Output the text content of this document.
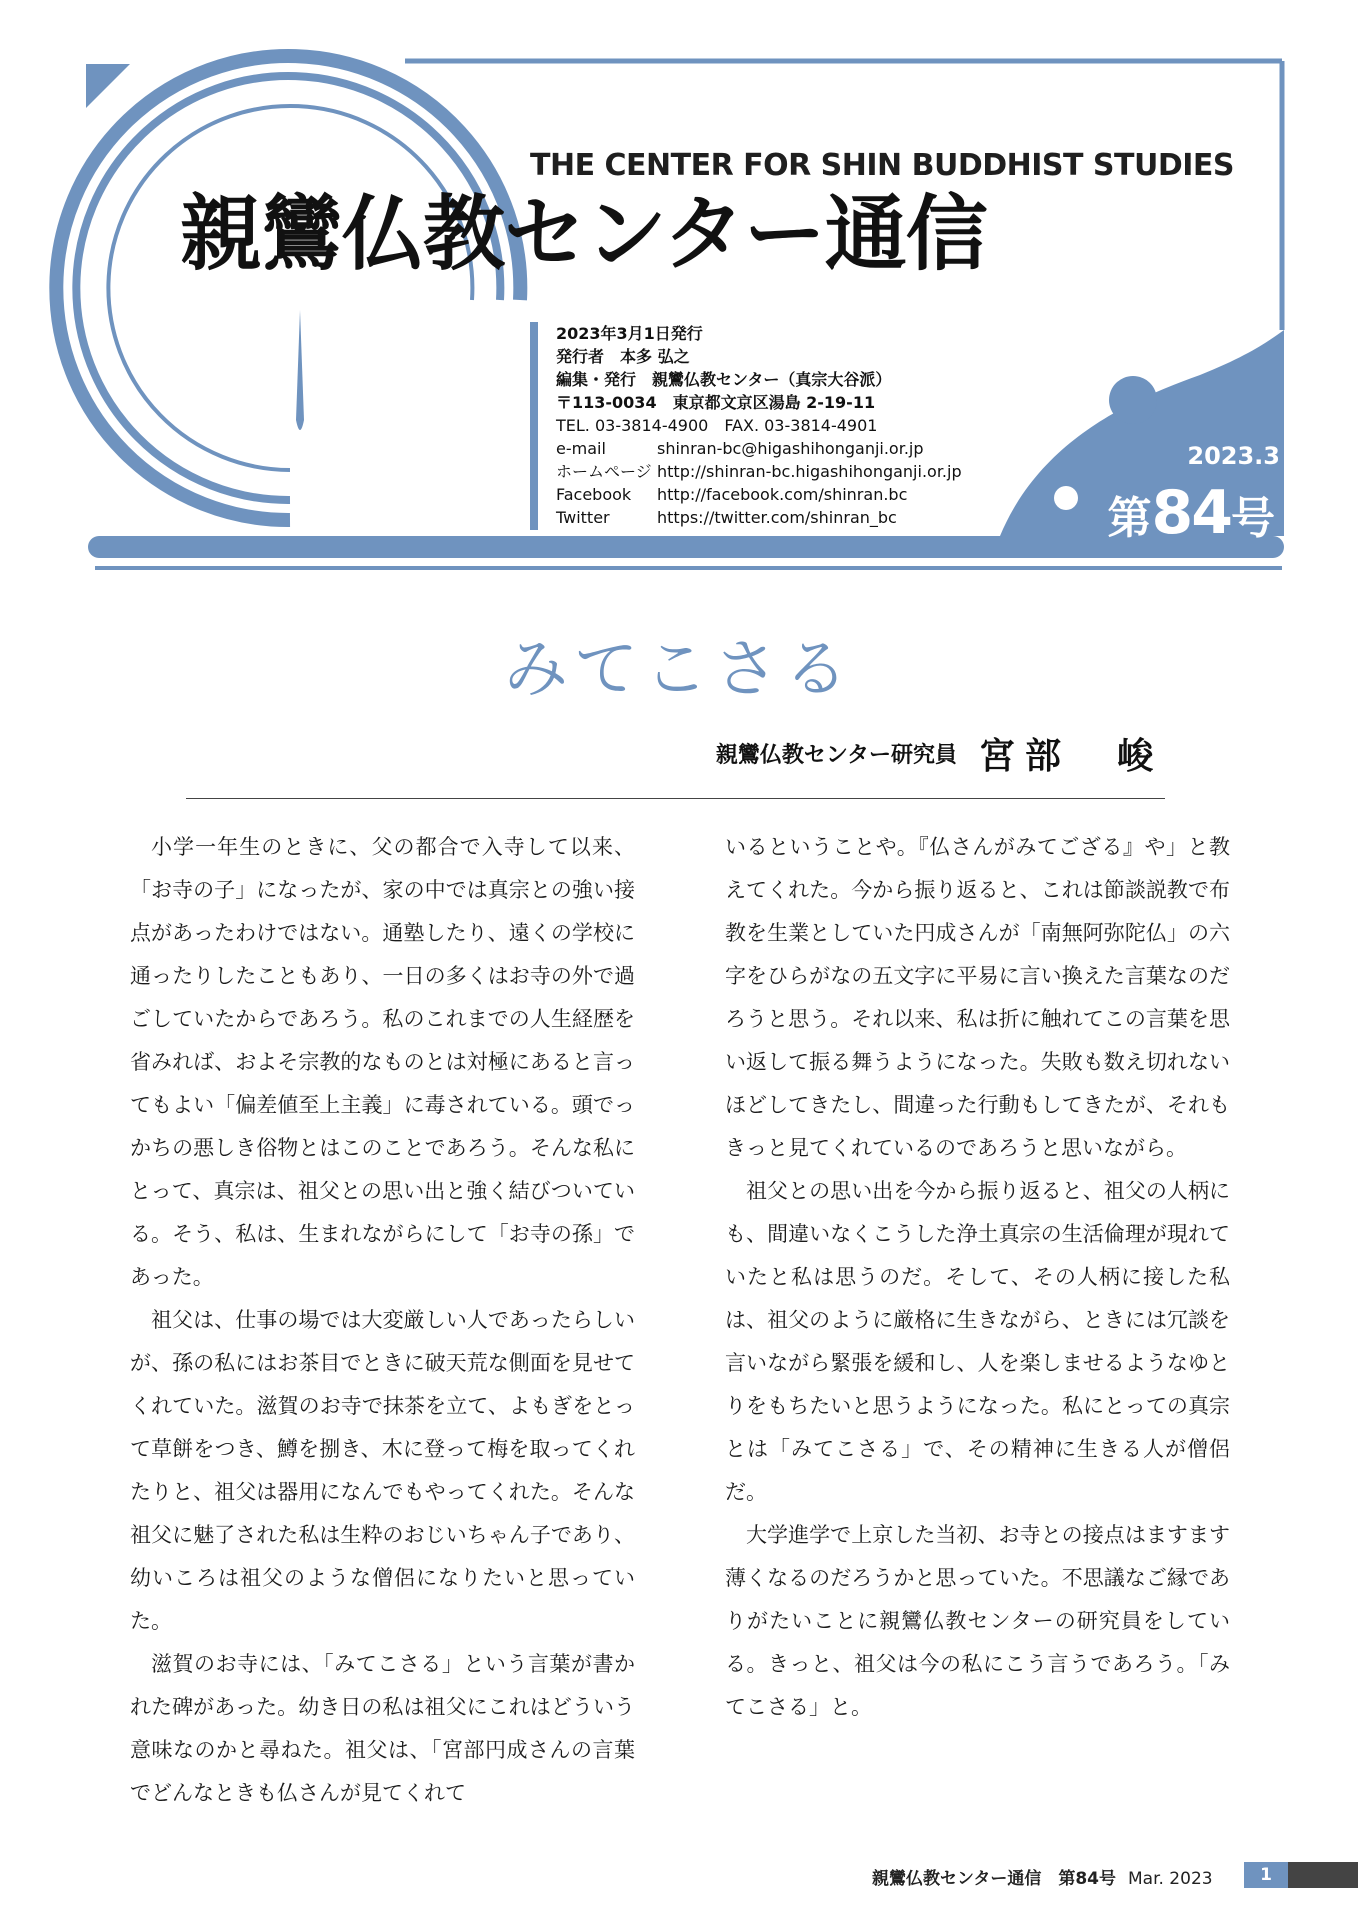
THE CENTER FOR SHIN BUDDHIST STUDIES
親鸞仏教センター通信
2023年3月1日発行
発行者　本多 弘之
編集・発行　親鸞仏教センター（真宗大谷派）
〒113-0034　東京都文京区湯島 2-19-11
TEL. 03-3814-4900　FAX. 03-3814-4901
e-mail	shinran-bc@higashihonganji.or.jp
ホームページ http://shinran-bc.higashihonganji.or.jp
Facebook http://facebook.com/shinran.bc
Twitter	https://twitter.com/shinran_bc
2023.3
第84号
みてこさる
親鸞仏教センター研究員 宮部　峻

小学一年生のときに、父の都合で入寺して以来、「お寺の子」になったが、家の中では真宗との強い接点があったわけではない。通塾したり、遠くの学校に通ったりしたこともあり、一日の多くはお寺の外で過ごしていたからであろう。私のこれまでの人生経歴を省みれば、およそ宗教的なものとは対極にあると言ってもよい「偏差値至上主義」に毒されている。頭でっかちの悪しき俗物とはこのことであろう。そんな私にとって、真宗は、祖父との思い出と強く結びついている。そう、私は、生まれながらにして「お寺の孫」であった。

祖父は、仕事の場では大変厳しい人であったらしいが、孫の私にはお茶目でときに破天荒な側面を見せてくれていた。滋賀のお寺で抹茶を立て、よもぎをとって草餅をつき、鱒を捌き、木に登って梅を取ってくれたりと、祖父は器用になんでもやってくれた。そんな祖父に魅了された私は生粋のおじいちゃん子であり、幼いころは祖父のような僧侶になりたいと思っていた。

滋賀のお寺には、「みてこさる」という言葉が書かれた碑があった。幼き日の私は祖父にこれはどういう意味なのかと尋ねた。祖父は、「宮部円成さんの言葉でどんなときも仏さんが見てくれて

いるということや。『仏さんがみてござる』や」と教えてくれた。今から振り返ると、これは節談説教で布教を生業としていた円成さんが「南無阿弥陀仏」の六字をひらがなの五文字に平易に言い換えた言葉なのだろうと思う。それ以来、私は折に触れてこの言葉を思い返して振る舞うようになった。失敗も数え切れないほどしてきたし、間違った行動もしてきたが、それもきっと見てくれているのであろうと思いながら。

祖父との思い出を今から振り返ると、祖父の人柄にも、間違いなくこうした浄土真宗の生活倫理が現れていたと私は思うのだ。そして、その人柄に接した私は、祖父のように厳格に生きながら、ときには冗談を言いながら緊張を緩和し、人を楽しませるようなゆとりをもちたいと思うようになった。私にとっての真宗とは「みてこさる」で、その精神に生きる人が僧侶だ。

大学進学で上京した当初、お寺との接点はますます薄くなるのだろうかと思っていた。不思議なご縁でありがたいことに親鸞仏教センターの研究員をしている。きっと、祖父は今の私にこう言うであろう。「みてこさる」と。

親鸞仏教センター通信　第84号 Mar. 2023	1
